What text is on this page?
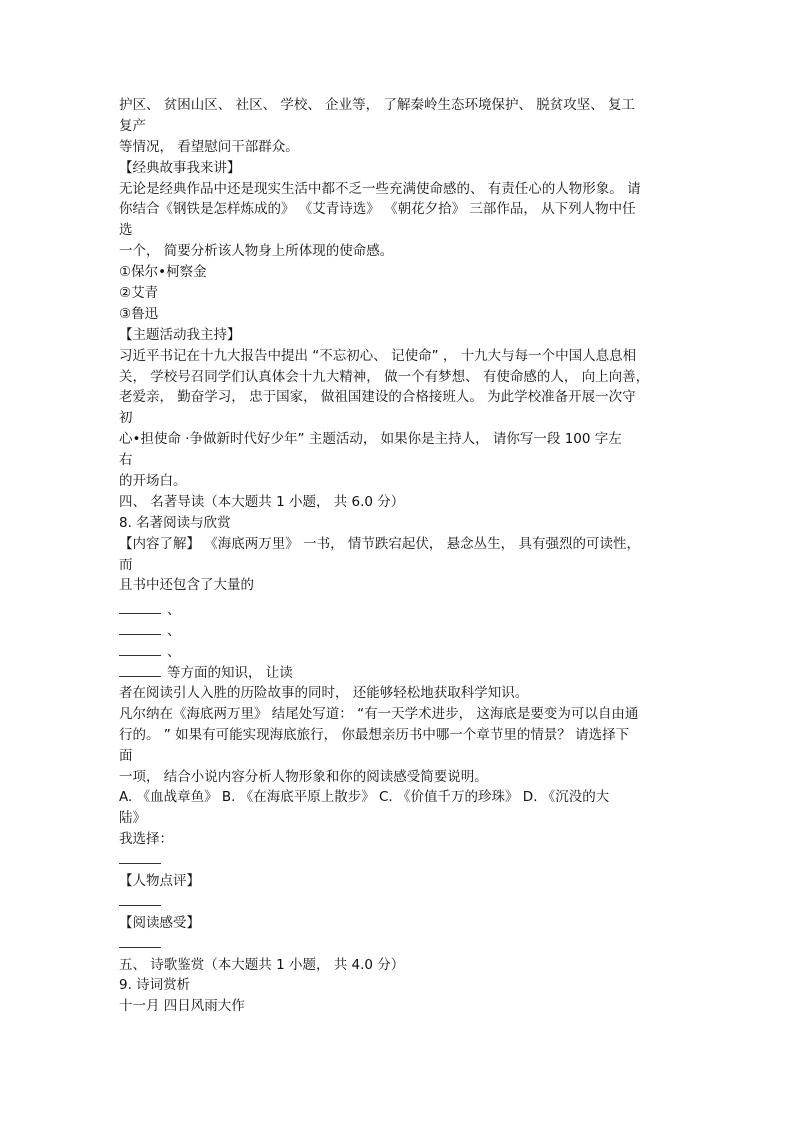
护区、 贫困山区、 社区、 学校、 企业等， 了解秦岭生态环境保护、 脱贫攻坚、 复工
复产
等情况， 看望慰问干部群众。
【经典故事我来讲】
无论是经典作品中还是现实生活中都不乏一些充满使命感的、 有责任心的人物形象。 请
你结合《钢铁是怎样炼成的》 《艾青诗选》 《朝花夕拾》 三部作品， 从下列人物中任
选
一个， 简要分析该人物身上所体现的使命感。
①保尔•柯察金
②艾青
③鲁迅
【主题活动我主持】
习近平书记在十九大报告中提出 “不忘初心、 记使命” ， 十九大与每一个中国人息息相
关， 学校号召同学们认真体会十九大精神， 做一个有梦想、 有使命感的人， 向上向善，
老爱亲， 勤奋学习， 忠于国家， 做祖国建设的合格接班人。 为此学校准备开展一次守
初
心•担使命 ·争做新时代好少年” 主题活动， 如果你是主持人， 请你写一段 100 字左
右
的开场白。
四、 名著导读（本大题共 1 小题， 共 6.0 分）
8. 名著阅读与欣赏
【内容了解】 《海底两万里》 一书， 情节跌宕起伏， 悬念丛生， 具有强烈的可读性，
而
且书中还包含了大量的
、
、
、
等方面的知识， 让读
者在阅读引人入胜的历险故事的同时， 还能够轻松地获取科学知识。
凡尔纳在《海底两万里》 结尾处写道： “有一天学术进步， 这海底是要变为可以自由通
行的。 ” 如果有可能实现海底旅行， 你最想亲历书中哪一个章节里的情景？ 请选择下
面
一项， 结合小说内容分析人物形象和你的阅读感受简要说明。
A. 《血战章鱼》 B. 《在海底平原上散步》 C. 《价值千万的珍珠》 D. 《沉没的大
陆》
我选择：
【人物点评】
【阅读感受】
五、 诗歌鉴赏（本大题共 1 小题， 共 4.0 分）
9. 诗词赏析
十一月 四日风雨大作
